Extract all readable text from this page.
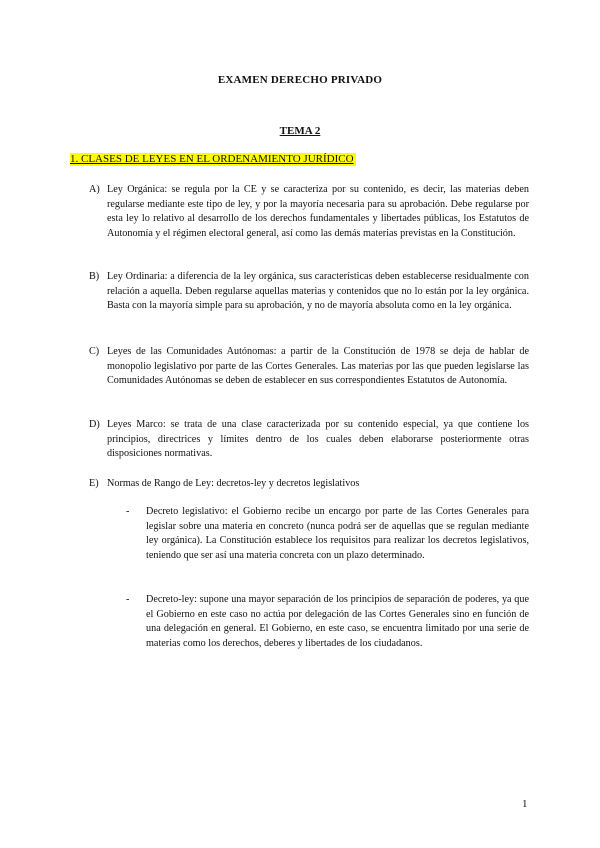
EXAMEN DERECHO PRIVADO
TEMA 2
1. CLASES DE LEYES EN EL ORDENAMIENTO JURÍDICO
A) Ley Orgánica: se regula por la CE y se caracteriza por su contenido, es decir, las materias deben regularse mediante este tipo de ley, y por la mayoría necesaria para su aprobación. Debe regularse por esta ley lo relativo al desarrollo de los derechos fundamentales y libertades públicas, los Estatutos de Autonomía y el régimen electoral general, así como las demás materias previstas en la Constitución.
B) Ley Ordinaria: a diferencia de la ley orgánica, sus características deben establecerse residualmente con relación a aquella. Deben regularse aquellas materias y contenidos que no lo están por la ley orgánica. Basta con la mayoría simple para su aprobación, y no de mayoría absoluta como en la ley orgánica.
C) Leyes de las Comunidades Autónomas: a partir de la Constitución de 1978 se deja de hablar de monopolio legislativo por parte de las Cortes Generales. Las materias por las que pueden legislarse las Comunidades Autónomas se deben de establecer en sus correspondientes Estatutos de Autonomía.
D) Leyes Marco: se trata de una clase caracterizada por su contenido especial, ya que contiene los principios, directrices y límites dentro de los cuales deben elaborarse posteriormente otras disposiciones normativas.
E) Normas de Rango de Ley: decretos-ley y decretos legislativos
-	Decreto legislativo: el Gobierno recibe un encargo por parte de las Cortes Generales para legislar sobre una materia en concreto (nunca podrá ser de aquellas que se regulan mediante ley orgánica). La Constitución establece los requisitos para realizar los decretos legislativos, teniendo que ser así una materia concreta con un plazo determinado.
-	Decreto-ley: supone una mayor separación de los principios de separación de poderes, ya que el Gobierno en este caso no actúa por delegación de las Cortes Generales sino en función de una delegación en general. El Gobierno, en este caso, se encuentra limitado por una serie de materias como los derechos, deberes y libertades de los ciudadanos.
1
